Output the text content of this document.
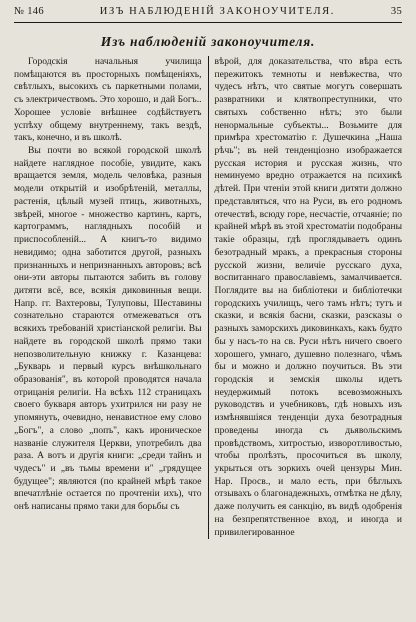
№ 146	ИЗЪ НАБЛЮДЕНІЙ ЗАКОНОУЧИТЕЛЯ.	35
Изъ наблюденій законоучителя.

Городскія начальныя училища помѣщаются въ просторныхъ помѣщеніяхъ, свѣтлыхъ, высокихъ съ паркетными полами, съ электричествомъ. Это хорошо, и дай Богъ.. Хорошее условіе внѣшнее содѣйствуетъ успѣху общему внутреннему, такъ вездѣ, такъ, конечно, и въ школѣ.

Вы почти во всякой городской школѣ найдете наглядное пособіе, увидите, какъ вращается земля, модель человѣка, разныя модели открытій и изобрѣтеній, металлы, растенія, цѣлый музей птицъ, животныхъ, звѣрей, многое - множество картинъ, картъ, картограммъ, наглядныхъ пособій и приспособленій... А книгъ-то видимо невидимо; одна заботится другой, разныхъ признанныхъ и непризнанныхъ авторовъ; всѣ они-эти авторы пытаются забить въ голову дитяти всё, все, всякія диковинныя вещи. Напр. гг. Вахтеровы, Тулуповы, Шеставины сознательно стараются отмежеваться отъ всякихъ требованій христіанской религіи. Вы найдете въ городской школѣ прямо таки непозволительную книжку г. Казанцева: „Букварь и первый курсъ внѣшкольнаго образованія", въ которой проводятся начала отрицанія религіи. На всѣхъ 112 страницахъ своего букваря авторъ ухитрился ни разу не упомянуть, очевидно, ненавистное ему слово „Богъ", а слово „попъ", какъ ироническое названіе служителя Церкви, употребилъ два раза. А вотъ и другія книги: „среди тайнъ и чудесъ" и „въ тьмы времени и" „грядущее будущее"; являются (по крайней мѣрѣ такое впечатлѣніе остается по прочтеніи ихъ), что онѣ написаны прямо таки для борьбы съ

вѣрой, для доказательства, что вѣра есть пережитокъ темноты и невѣжества, что чудесъ нѣтъ, что святые могутъ совершать развратники и клятвопреступники, что святыхъ собственно нѣтъ; это были ненормальные субъекты... Возьмите для примѣра хрестоматію г. Душечкина „Наша рѣчь"; въ ней тенденціозно изображается русская история и русская жизнь, что неминуемо вредно отражается на психикѣ дѣтей. При чтеніи этой книги дитяти должно представляться, что на Руси, въ его родномъ отечествѣ, всюду горе, несчастіе, отчаяніе; по крайней мѣрѣ въ этой хрестоматіи подобраны такіе образцы, гдѣ проглядываетъ одинъ безотрадный мракъ, а прекрасныя стороны русской жизни, величіе русскаго духа, воспитаннаго православіемъ, замалчивается. Поглядите вы на библіотеки и библіотечки городскихъ училищъ, чего тамъ нѣтъ; тутъ и сказки, и всякія басни, сказки, разсказы о разныхъ заморскихъ диковинкахъ, какъ будто бы у насъ-то на св. Руси нѣтъ ничего своего хорошего, умнаго, душевно полезнаго, чѣмъ бы и можно и должно поучиться. Въ эти городскія и земскія школы идетъ неудержимый потокъ всевозможныхъ руководствъ и учебниковъ, гдѣ новыхъ изъ измѣнявшіяся тенденціи духа безотрадныя проведены иногда съ дьявольскимъ провѣдствомъ, хитростью, изворотливостью, чтобы пролѣзть, просочиться въ школу, укрыться отъ зоркихъ очей цензуры Мин. Нар. Просв., и мало есть, при бѣглыхъ отзывахъ о благонадежныхъ, отмѣтка не дѣлу, даже получить ея санкцію, въ видѣ одобренія на безпрепятственное вход, и иногда и привилегированное
